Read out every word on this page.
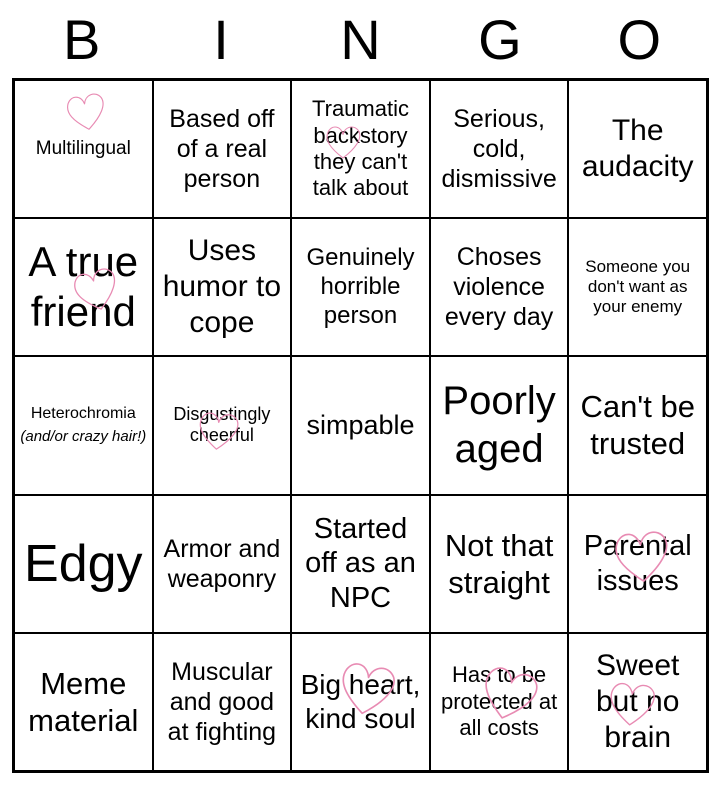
B	I	N	G	O
Multilingual
Based off of a real person
Traumatic backstory they can't talk about
Serious, cold, dismissive
The audacity
A true friend
Uses humor to cope
Genuinely horrible person
Choses violence every day
Someone you don't want as your enemy
Heterochromia
(and/or crazy hair!)
Disgustingly cheerful	simpable
Poorly aged
Can't be trusted
Edgy Armor and weaponry
Started off as an NPC
Not that straight
Parental issues
Meme material
Muscular and good at fighting
Big heart, kind soul
Has to be protected at all costs
Sweet but no brain
